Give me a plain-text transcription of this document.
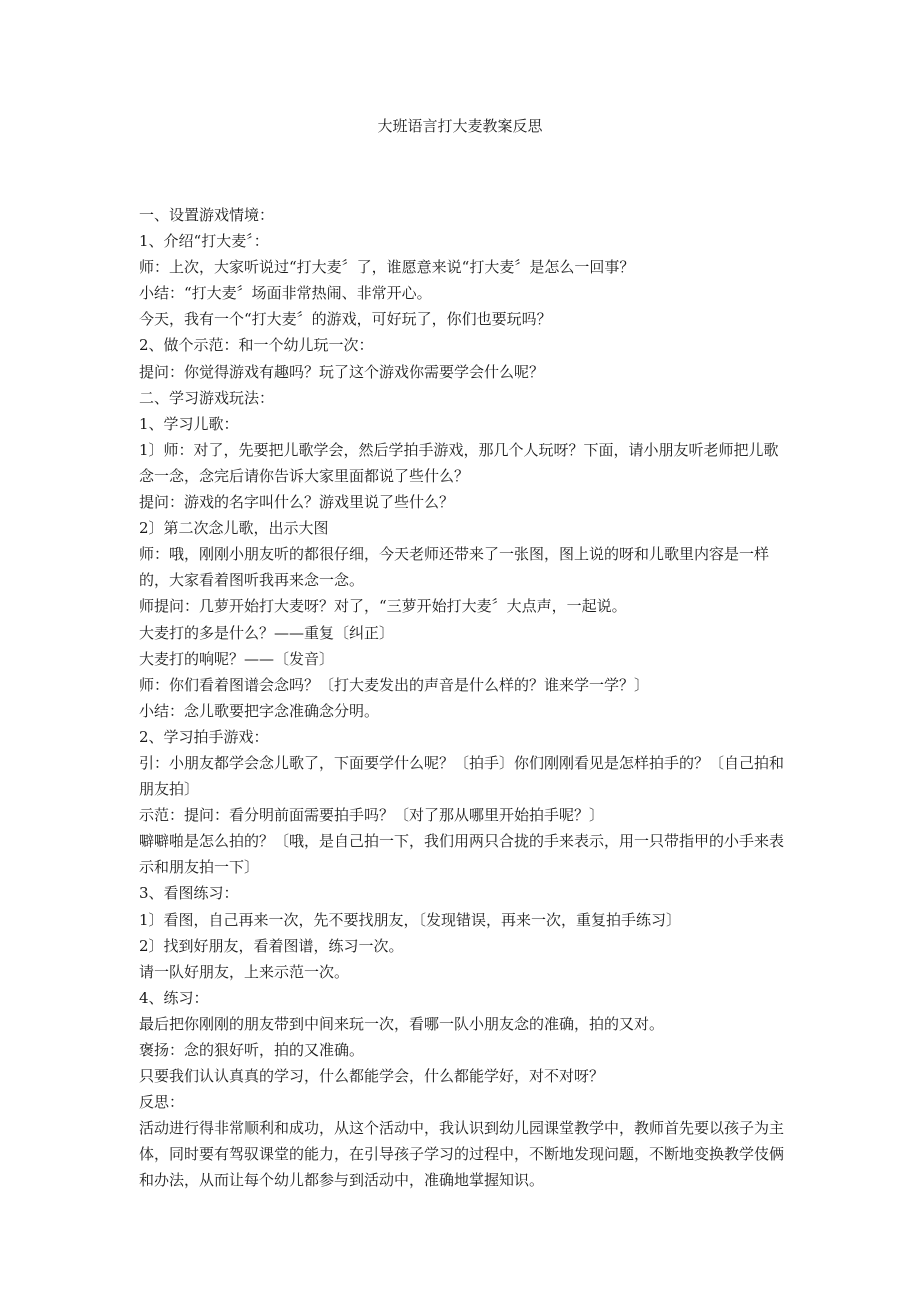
大班语言打大麦教案反思

一、设置游戏情境：

1、介绍“打大麦〞：

师：上次，大家听说过“打大麦〞了，谁愿意来说“打大麦〞是怎么一回事？

小结：“打大麦〞场面非常热闹、非常开心。

今天，我有一个“打大麦〞的游戏，可好玩了，你们也要玩吗？

2、做个示范：和一个幼儿玩一次：

提问：你觉得游戏有趣吗？玩了这个游戏你需要学会什么呢？

二、学习游戏玩法：

1、学习儿歌：

1〕师：对了，先要把儿歌学会，然后学拍手游戏，那几个人玩呀？下面，请小朋友听老师把儿歌念一念，念完后请你告诉大家里面都说了些什么？

提问：游戏的名字叫什么？游戏里说了些什么？

2〕第二次念儿歌，出示大图

师：哦，刚刚小朋友听的都很仔细，今天老师还带来了一张图，图上说的呀和儿歌里内容是一样的，大家看着图听我再来念一念。

师提问：几萝开始打大麦呀？对了，“三萝开始打大麦〞大点声，一起说。

大麦打的多是什么？——重复〔纠正〕

大麦打的响呢？——〔发音〕

师：你们看着图谱会念吗？〔打大麦发出的声音是什么样的？谁来学一学？〕

小结：念儿歌要把字念准确念分明。

2、学习拍手游戏：

引：小朋友都学会念儿歌了，下面要学什么呢？〔拍手〕你们刚刚看见是怎样拍手的？〔自己拍和朋友拍〕

示范：提问：看分明前面需要拍手吗？〔对了那从哪里开始拍手呢？〕

噼噼啪是怎么拍的？〔哦，是自己拍一下，我们用两只合拢的手来表示，用一只带指甲的小手来表示和朋友拍一下〕

3、看图练习：

1〕看图，自己再来一次，先不要找朋友，〔发现错误，再来一次，重复拍手练习〕

2〕找到好朋友，看着图谱，练习一次。

请一队好朋友，上来示范一次。

4、练习：

最后把你刚刚的朋友带到中间来玩一次，看哪一队小朋友念的准确，拍的又对。

褒扬：念的狠好听，拍的又准确。

只要我们认认真真的学习，什么都能学会，什么都能学好，对不对呀？

反思：

活动进行得非常顺利和成功，从这个活动中，我认识到幼儿园课堂教学中，教师首先要以孩子为主体，同时要有驾驭课堂的能力，在引导孩子学习的过程中，不断地发现问题，不断地变换教学伎俩和办法，从而让每个幼儿都参与到活动中，准确地掌握知识。
